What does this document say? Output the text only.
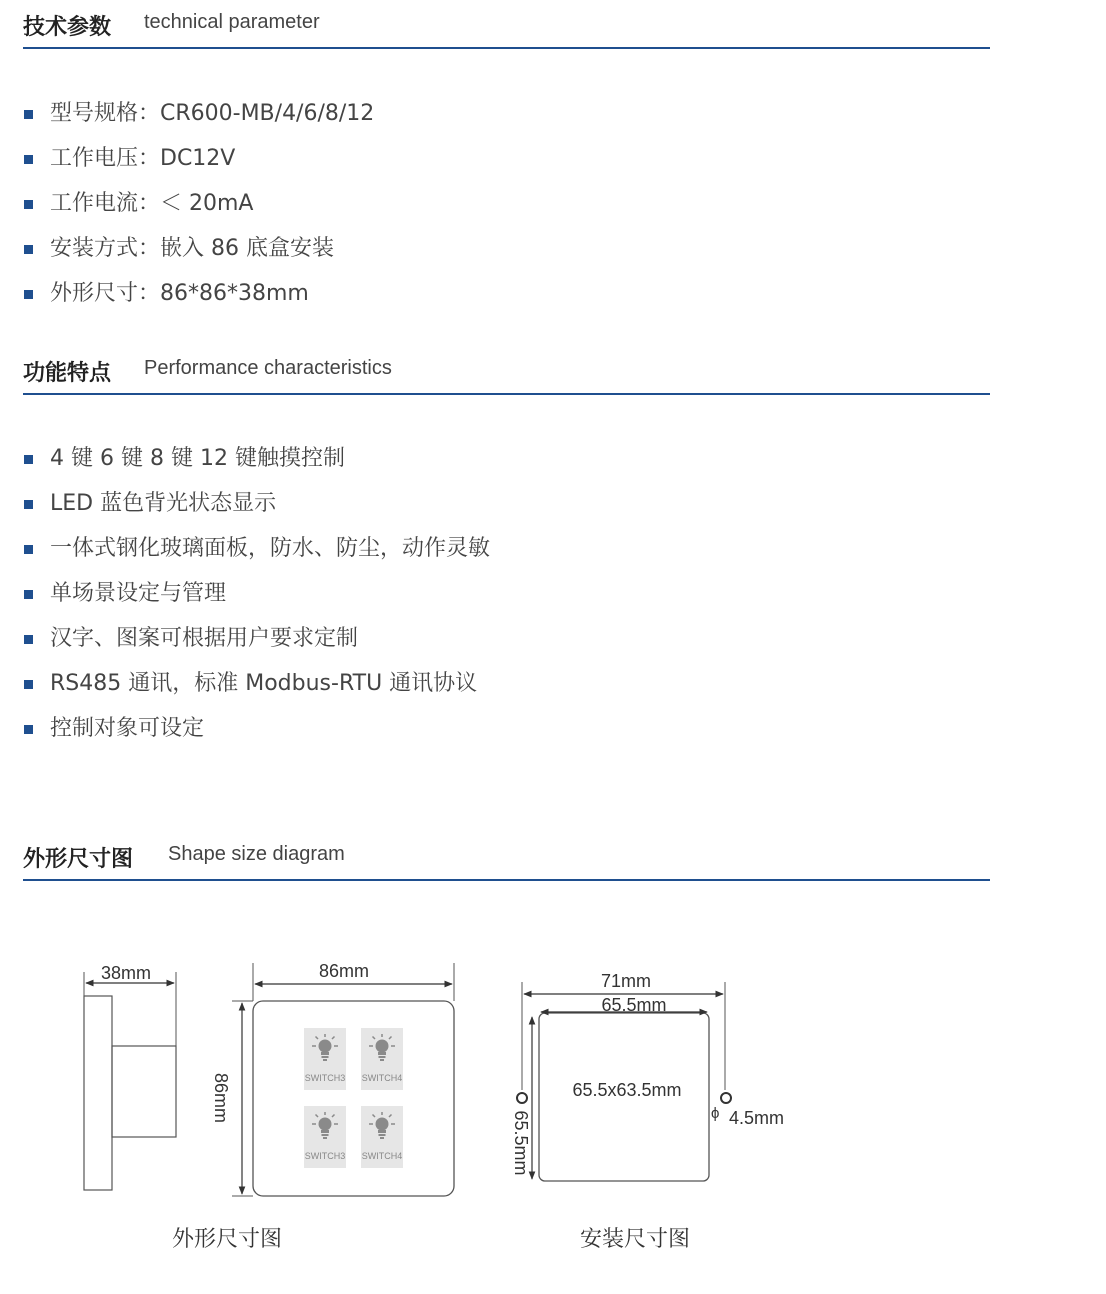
技术参数 technical parameter
型号规格：CR600-MB/4/6/8/12
工作电压：DC12V
工作电流：＜ 20mA
安装方式：嵌入 86 底盒安装
外形尺寸：86*86*38mm
功能特点 Performance characteristics
4 键 6 键 8 键 12 键触摸控制
LED 蓝色背光状态显示
一体式钢化玻璃面板，防水、防尘，动作灵敏
单场景设定与管理
汉字、图案可根据用户要求定制
RS485 通讯，标准 Modbus-RTU 通讯协议
控制对象可设定
外形尺寸图 Shape size diagram
38mm	86mm
86mm	SWITCH3 SWITCH4
SWITCH3 SWITCH4
71mm
65.5mm
65.5x63.5mm
65.5mm	ϕ 4.5mm
外形尺寸图	安装尺寸图
